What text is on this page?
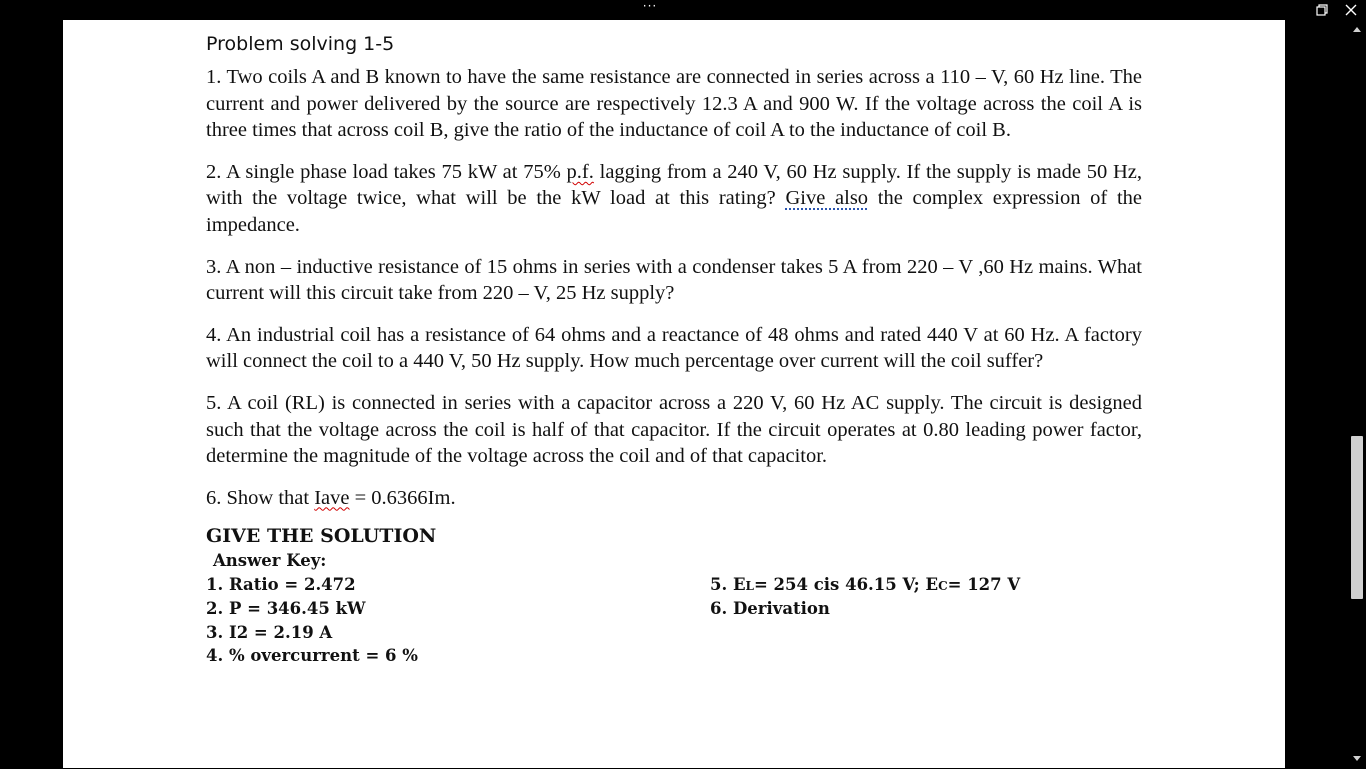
···
Problem solving 1-5

1. Two coils A and B known to have the same resistance are connected in series across a 110 – V, 60 Hz line. The current and power delivered by the source are respectively 12.3 A and 900 W. If the voltage across the coil A is three times that across coil B, give the ratio of the inductance of coil A to the inductance of coil B.

2. A single phase load takes 75 kW at 75% p.f. lagging from a 240 V, 60 Hz supply. If the supply is made 50 Hz, with the voltage twice, what will be the kW load at this rating? Give also the complex expression of the impedance.

3. A non – inductive resistance of 15 ohms in series with a condenser takes 5 A from 220 – V ,60 Hz mains. What current will this circuit take from 220 – V, 25 Hz supply?

4. An industrial coil has a resistance of 64 ohms and a reactance of 48 ohms and rated 440 V at 60 Hz. A factory will connect the coil to a 440 V, 50 Hz supply. How much percentage over current will the coil suffer?

5. A coil (RL) is connected in series with a capacitor across a 220 V, 60 Hz AC supply. The circuit is designed such that the voltage across the coil is half of that capacitor. If the circuit operates at 0.80 leading power factor, determine the magnitude of the voltage across the coil and of that capacitor.

6. Show that Iave = 0.6366Im.

GIVE THE SOLUTION
Answer Key:
1. Ratio = 2.472
2. P = 346.45 kW
3. I2 = 2.19 A
4. % overcurrent = 6 %
5. EL= 254 cis 46.15 V; EC= 127 V
6. Derivation
